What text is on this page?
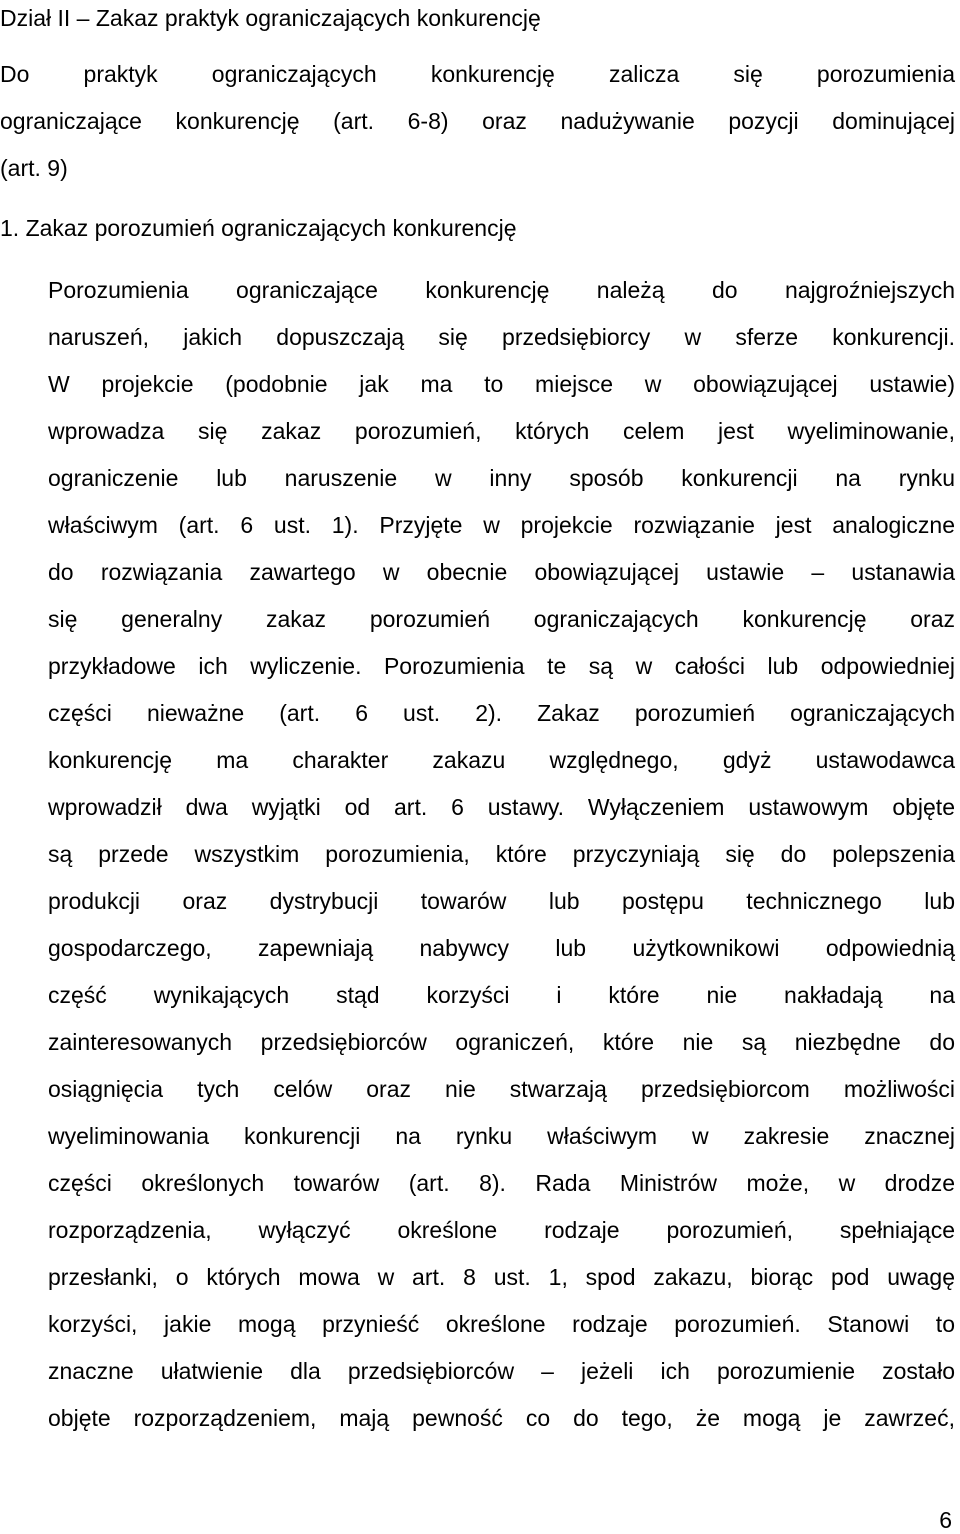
Dział II – Zakaz praktyk ograniczających konkurencję
Do praktyk ograniczających konkurencję zalicza się porozumienia
ograniczające konkurencję (art. 6-8) oraz nadużywanie pozycji dominującej
(art. 9)
1. Zakaz porozumień ograniczających konkurencję
Porozumienia ograniczające konkurencję należą do najgroźniejszych
naruszeń, jakich dopuszczają się przedsiębiorcy w sferze konkurencji.
W projekcie (podobnie jak ma to miejsce w obowiązującej ustawie)
wprowadza się zakaz porozumień, których celem jest wyeliminowanie,
ograniczenie lub naruszenie w inny sposób konkurencji na rynku
właściwym (art. 6 ust. 1). Przyjęte w projekcie rozwiązanie jest analogiczne
do rozwiązania zawartego w obecnie obowiązującej ustawie – ustanawia
się generalny zakaz porozumień ograniczających konkurencję oraz
przykładowe ich wyliczenie. Porozumienia te są w całości lub odpowiedniej
części nieważne (art. 6 ust. 2). Zakaz porozumień ograniczających
konkurencję ma charakter zakazu względnego, gdyż ustawodawca
wprowadził dwa wyjątki od art. 6 ustawy. Wyłączeniem ustawowym objęte
są przede wszystkim porozumienia, które przyczyniają się do polepszenia
produkcji oraz dystrybucji towarów lub postępu technicznego lub
gospodarczego, zapewniają nabywcy lub użytkownikowi odpowiednią
część wynikających stąd korzyści i które nie nakładają na
zainteresowanych przedsiębiorców ograniczeń, które nie są niezbędne do
osiągnięcia tych celów oraz nie stwarzają przedsiębiorcom możliwości
wyeliminowania konkurencji na rynku właściwym w zakresie znacznej
części określonych towarów (art. 8). Rada Ministrów może, w drodze
rozporządzenia, wyłączyć określone rodzaje porozumień, spełniające
przesłanki, o których mowa w art. 8 ust. 1, spod zakazu, biorąc pod uwagę
korzyści, jakie mogą przynieść określone rodzaje porozumień. Stanowi to
znaczne ułatwienie dla przedsiębiorców – jeżeli ich porozumienie zostało
objęte rozporządzeniem, mają pewność co do tego, że mogą je zawrzeć,
6
